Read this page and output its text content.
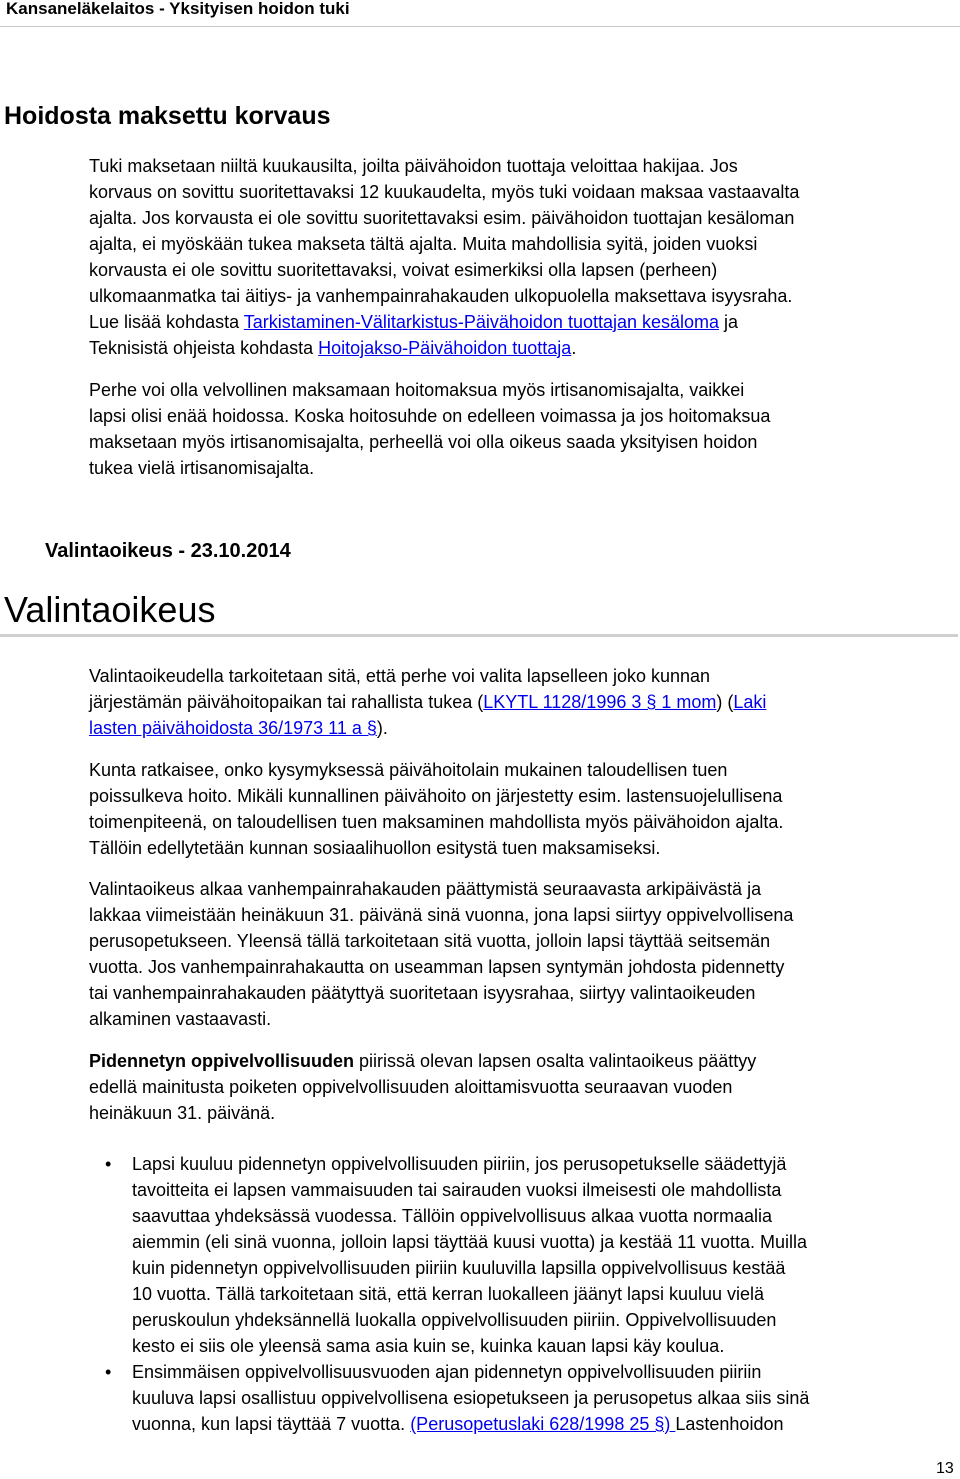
Kansaneläkelaitos - Yksityisen hoidon tuki
Hoidosta maksettu korvaus

Tuki maksetaan niiltä kuukausilta, joilta päivähoidon tuottaja veloittaa hakijaa. Jos
korvaus on sovittu suoritettavaksi 12 kuukaudelta, myös tuki voidaan maksaa vastaavalta
ajalta. Jos korvausta ei ole sovittu suoritettavaksi esim. päivähoidon tuottajan kesäloman
ajalta, ei myöskään tukea makseta tältä ajalta. Muita mahdollisia syitä, joiden vuoksi
korvausta ei ole sovittu suoritettavaksi, voivat esimerkiksi olla lapsen (perheen)
ulkomaanmatka tai äitiys- ja vanhempainrahakauden ulkopuolella maksettava isyysraha.
Lue lisää kohdasta Tarkistaminen-Välitarkistus-Päivähoidon tuottajan kesäloma ja
Teknisistä ohjeista kohdasta Hoitojakso-Päivähoidon tuottaja.

Perhe voi olla velvollinen maksamaan hoitomaksua myös irtisanomisajalta, vaikkei
lapsi olisi enää hoidossa. Koska hoitosuhde on edelleen voimassa ja jos hoitomaksua
maksetaan myös irtisanomisajalta, perheellä voi olla oikeus saada yksityisen hoidon
tukea vielä irtisanomisajalta.

Valintaoikeus - 23.10.2014
Valintaoikeus

Valintaoikeudella tarkoitetaan sitä, että perhe voi valita lapselleen joko kunnan
järjestämän päivähoitopaikan tai rahallista tukea (LKYTL 1128/1996 3 § 1 mom) (Laki
lasten päivähoidosta 36/1973 11 a §).

Kunta ratkaisee, onko kysymyksessä päivähoitolain mukainen taloudellisen tuen
poissulkeva hoito. Mikäli kunnallinen päivähoito on järjestetty esim. lastensuojelullisena
toimenpiteenä, on taloudellisen tuen maksaminen mahdollista myös päivähoidon ajalta.
Tällöin edellytetään kunnan sosiaalihuollon esitystä tuen maksamiseksi.

Valintaoikeus alkaa vanhempainrahakauden päättymistä seuraavasta arkipäivästä ja
lakkaa viimeistään heinäkuun 31. päivänä sinä vuonna, jona lapsi siirtyy oppivelvollisena
perusopetukseen. Yleensä tällä tarkoitetaan sitä vuotta, jolloin lapsi täyttää seitsemän
vuotta. Jos vanhempainrahakautta on useamman lapsen syntymän johdosta pidennetty
tai vanhempainrahakauden päätyttyä suoritetaan isyysrahaa, siirtyy valintaoikeuden
alkaminen vastaavasti.

Pidennetyn oppivelvollisuuden piirissä olevan lapsen osalta valintaoikeus päättyy
edellä mainitusta poiketen oppivelvollisuuden aloittamisvuotta seuraavan vuoden
heinäkuun 31. päivänä.

• Lapsi kuuluu pidennetyn oppivelvollisuuden piiriin, jos perusopetukselle säädettyjä
tavoitteita ei lapsen vammaisuuden tai sairauden vuoksi ilmeisesti ole mahdollista
saavuttaa yhdeksässä vuodessa. Tällöin oppivelvollisuus alkaa vuotta normaalia
aiemmin (eli sinä vuonna, jolloin lapsi täyttää kuusi vuotta) ja kestää 11 vuotta. Muilla
kuin pidennetyn oppivelvollisuuden piiriin kuuluvilla lapsilla oppivelvollisuus kestää
10 vuotta. Tällä tarkoitetaan sitä, että kerran luokalleen jäänyt lapsi kuuluu vielä
peruskoulun yhdeksännellä luokalla oppivelvollisuuden piiriin. Oppivelvollisuuden
kesto ei siis ole yleensä sama asia kuin se, kuinka kauan lapsi käy koulua.
• Ensimmäisen oppivelvollisuusvuoden ajan pidennetyn oppivelvollisuuden piiriin
kuuluva lapsi osallistuu oppivelvollisena esiopetukseen ja perusopetus alkaa siis sinä
vuonna, kun lapsi täyttää 7 vuotta. (Perusopetuslaki 628/1998 25 §) Lastenhoidon
13
